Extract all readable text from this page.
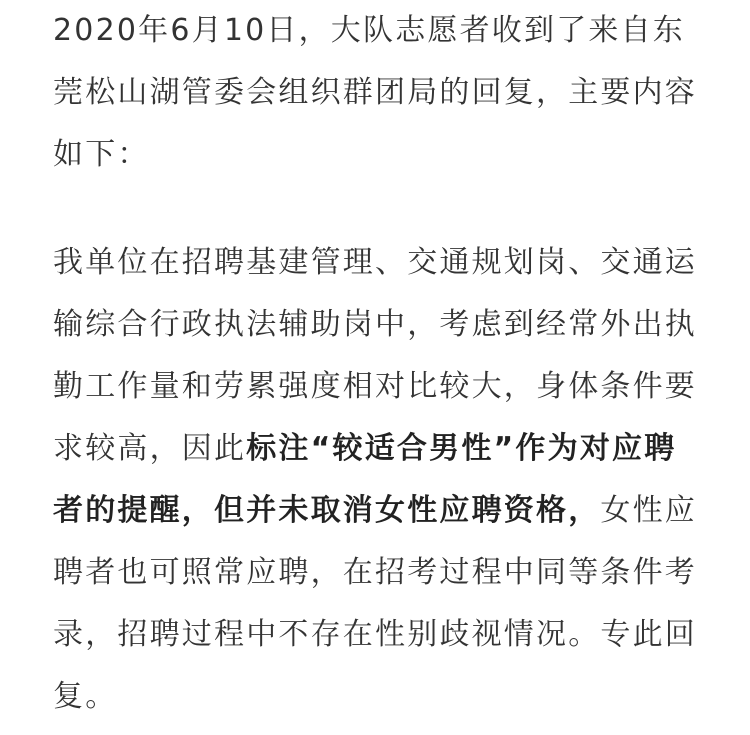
2020年6月10日，大队志愿者收到了来自东
莞松山湖管委会组织群团局的回复，主要内容
如下：

我单位在招聘基建管理、交通规划岗、交通运
输综合行政执法辅助岗中，考虑到经常外出执
勤工作量和劳累强度相对比较大，身体条件要
求较高，因此标注“较适合男性”作为对应聘
者的提醒，但并未取消女性应聘资格，女性应
聘者也可照常应聘，在招考过程中同等条件考
录，招聘过程中不存在性别歧视情况。专此回
复。
